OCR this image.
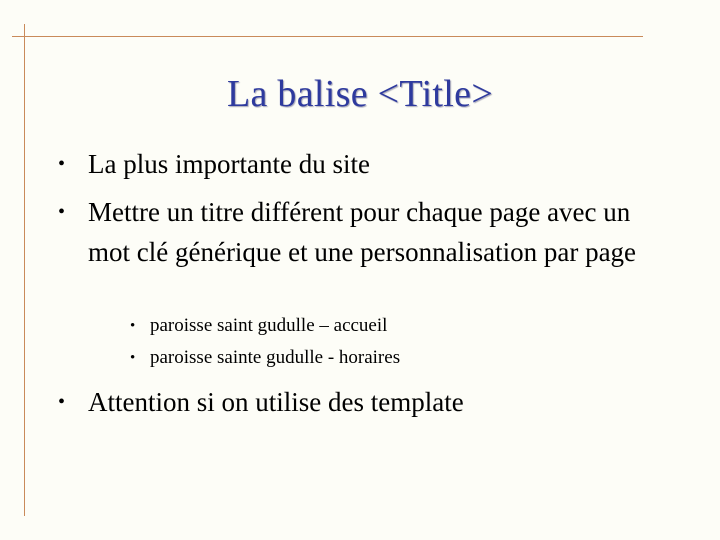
La balise <Title>
• La plus importante du site
• Mettre un titre différent pour chaque page avec un mot clé générique et une personnalisation par page
• paroisse saint gudulle – accueil
• paroisse sainte gudulle - horaires
• Attention si on utilise des template
